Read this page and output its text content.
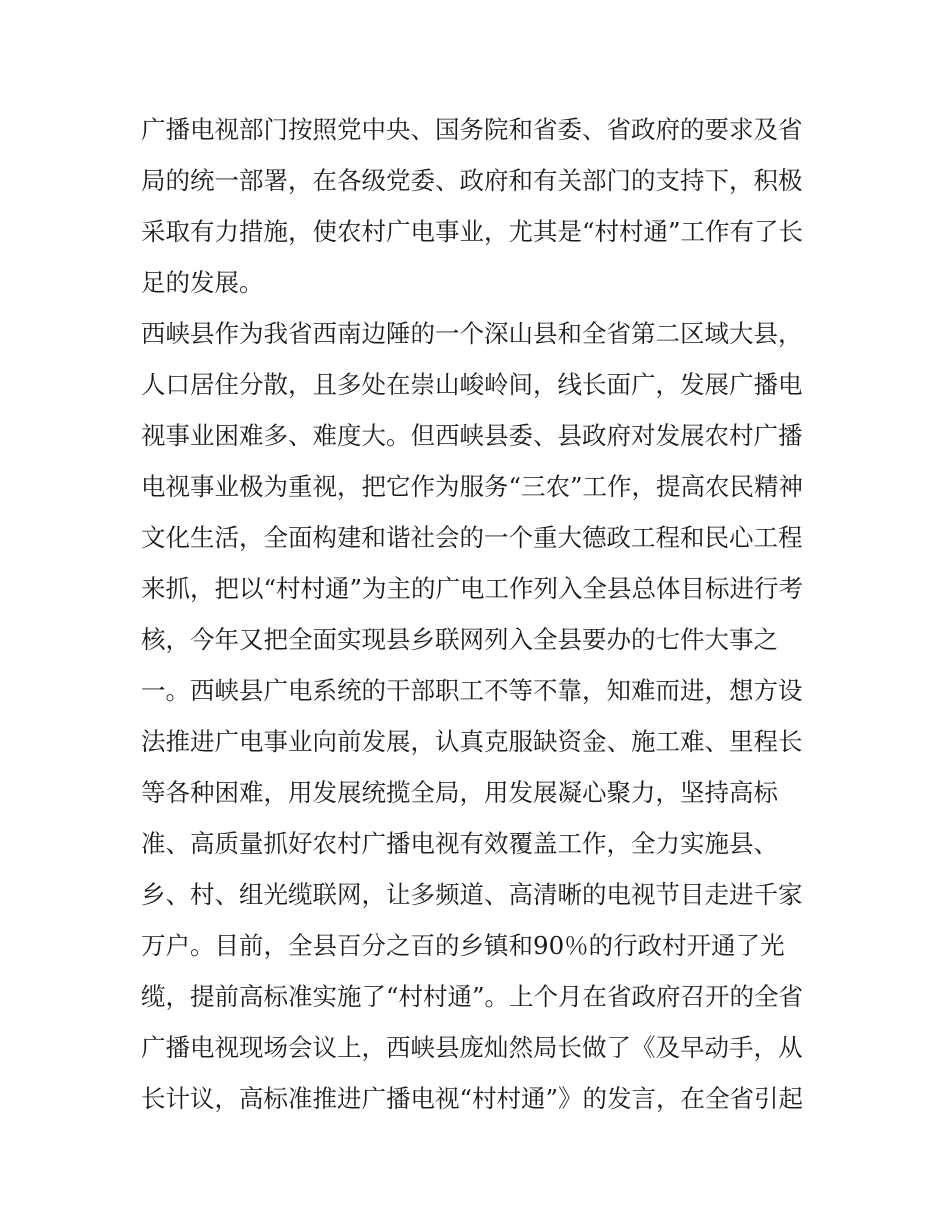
广播电视部门按照党中央、国务院和省委、省政府的要求及省
局的统一部署，在各级党委、政府和有关部门的支持下，积极
采取有力措施，使农村广电事业，尤其是“村村通”工作有了长
足的发展。
西峡县作为我省西南边陲的一个深山县和全省第二区域大县，
人口居住分散，且多处在崇山峻岭间，线长面广，发展广播电
视事业困难多、难度大。但西峡县委、县政府对发展农村广播
电视事业极为重视，把它作为服务“三农”工作，提高农民精神
文化生活，全面构建和谐社会的一个重大德政工程和民心工程
来抓，把以“村村通”为主的广电工作列入全县总体目标进行考
核，今年又把全面实现县乡联网列入全县要办的七件大事之
一。西峡县广电系统的干部职工不等不靠，知难而进，想方设
法推进广电事业向前发展，认真克服缺资金、施工难、里程长
等各种困难，用发展统揽全局，用发展凝心聚力，坚持高标
准、高质量抓好农村广播电视有效覆盖工作，全力实施县、
乡、村、组光缆联网，让多频道、高清晰的电视节目走进千家
万户。目前，全县百分之百的乡镇和90％的行政村开通了光
缆，提前高标准实施了“村村通”。上个月在省政府召开的全省
广播电视现场会议上，西峡县庞灿然局长做了《及早动手，从
长计议，高标准推进广播电视“村村通”》的发言，在全省引起
